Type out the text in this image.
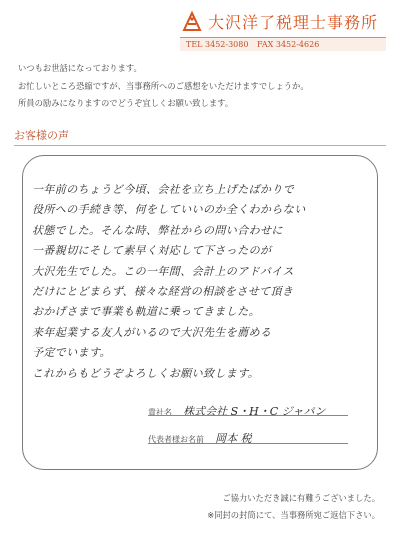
大沢洋了税理士事務所
TEL 3452-3080 FAX 3452-4626
いつもお世話になっております。
お忙しいところ恐縮ですが、当事務所へのご感想をいただけますでしょうか。
所員の励みになりますのでどうぞ宜しくお願い致します。
お客様の声
一年前のちょうど今頃、会社を立ち上げたばかりで
役所への手続き等、何をしていいのか全くわからない
状態でした。そんな時、弊社からの問い合わせに
一番親切にそして素早く対応して下さったのが
大沢先生でした。この一年間、会計上のアドバイス
だけにとどまらず、様々な経営の相談をさせて頂き
おかげさまで事業も軌道に乗ってきました。
来年起業する友人がいるので大沢先生を薦める
予定でいます。
これからもどうぞよろしくお願い致します。
貴社名 株式会社 S・H・C ジャパン
代表者様お名前 岡本 税
ご協力いただき誠に有難うございました。
※同封の封筒にて、当事務所宛ご返信下さい。
